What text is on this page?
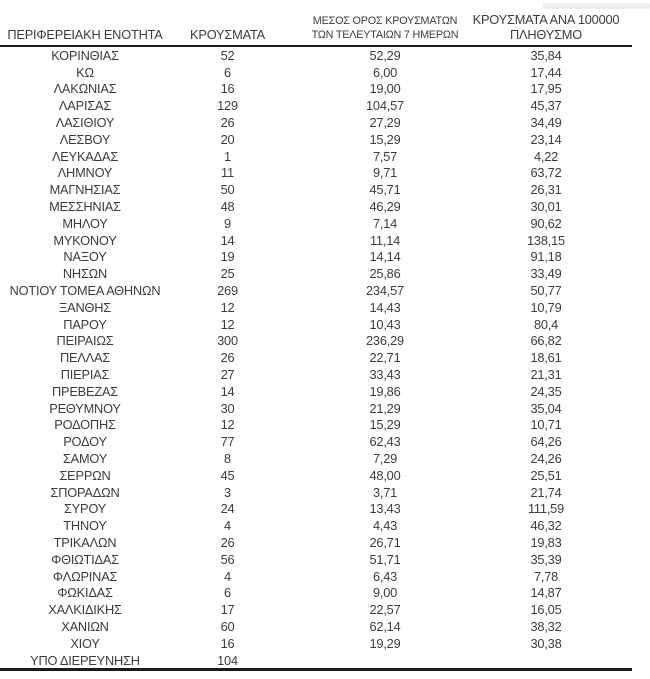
ΠΕΡΙΦΕΡΕΙΑΚΗ ΕΝΟΤΗΤΑ ΚΡΟΥΣΜΑΤΑ
ΜΕΣΟΣ ΟΡΟΣ ΚΡΟΥΣΜΑΤΩΝ
ΤΩΝ ΤΕΛΕΥΤΑΙΩΝ 7 ΗΜΕΡΩΝ
ΚΡΟΥΣΜΑΤΑ ΑΝΑ 100000
ΠΛΗΘΥΣΜΟ
ΚΟΡΙΝΘΙΑΣ	52	52,29	35,84
ΚΩ	6	6,00	17,44
ΛΑΚΩΝΙΑΣ	16	19,00	17,95
ΛΑΡΙΣΑΣ	129	104,57	45,37
ΛΑΣΙΘΙΟΥ	26	27,29	34,49
ΛΕΣΒΟΥ	20	15,29	23,14
ΛΕΥΚΑΔΑΣ	1	7,57	4,22
ΛΗΜΝΟΥ	11	9,71	63,72
ΜΑΓΝΗΣΙΑΣ	50	45,71	26,31
ΜΕΣΣΗΝΙΑΣ	48	46,29	30,01
ΜΗΛΟΥ	9	7,14	90,62
ΜΥΚΟΝΟΥ	14	11,14	138,15
ΝΑΞΟΥ	19	14,14	91,18
ΝΗΣΩΝ	25	25,86	33,49
ΝΟΤΙΟΥ ΤΟΜΕΑ ΑΘΗΝΩΝ	269	234,57	50,77
ΞΑΝΘΗΣ	12	14,43	10,79
ΠΑΡΟΥ	12	10,43	80,4
ΠΕΙΡΑΙΩΣ	300	236,29	66,82
ΠΕΛΛΑΣ	26	22,71	18,61
ΠΙΕΡΙΑΣ	27	33,43	21,31
ΠΡΕΒΕΖΑΣ	14	19,86	24,35
ΡΕΘΥΜΝΟΥ	30	21,29	35,04
ΡΟΔΟΠΗΣ	12	15,29	10,71
ΡΟΔΟΥ	77	62,43	64,26
ΣΑΜΟΥ	8	7,29	24,26
ΣΕΡΡΩΝ	45	48,00	25,51
ΣΠΟΡΑΔΩΝ	3	3,71	21,74
ΣΥΡΟΥ	24	13,43	111,59
ΤΗΝΟΥ	4	4,43	46,32
ΤΡΙΚΑΛΩΝ	26	26,71	19,83
ΦΘΙΩΤΙΔΑΣ	56	51,71	35,39
ΦΛΩΡΙΝΑΣ	4	6,43	7,78
ΦΩΚΙΔΑΣ	6	9,00	14,87
ΧΑΛΚΙΔΙΚΗΣ	17	22,57	16,05
ΧΑΝΙΩΝ	60	62,14	38,32
ΧΙΟΥ	16	19,29	30,38
ΥΠΟ ΔΙΕΡΕΥΝΗΣΗ	104
